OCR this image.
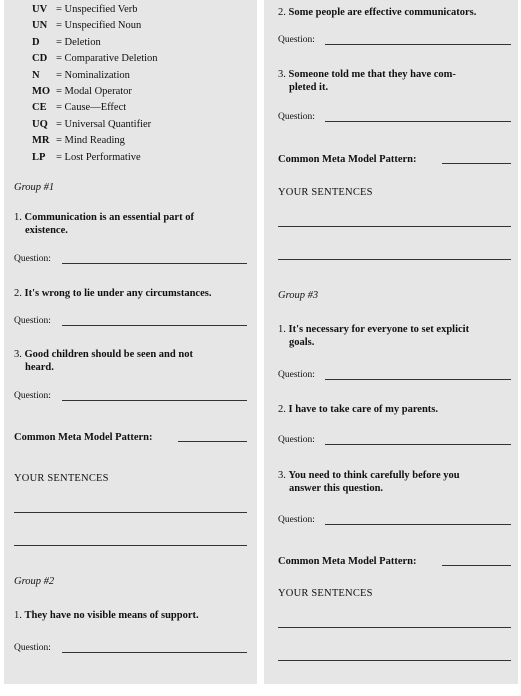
UV = Unspecified Verb
UN = Unspecified Noun
D = Deletion
CD = Comparative Deletion
N = Nominalization
MO = Modal Operator
CE = Cause—Effect
UQ = Universal Quantifier
MR = Mind Reading
LP = Lost Performative
Group #1
1. Communication is an essential part of
existence.
Question:
2. It's wrong to lie under any circumstances.
Question:
3. Good children should be seen and not
heard.
Question:
Common Meta Model Pattern:
YOUR SENTENCES
Group #2
1. They have no visible means of support.
Question:
2. Some people are effective communicators.
Question:
3. Someone told me that they have com-
pleted it.
Question:
Common Meta Model Pattern:
YOUR SENTENCES
Group #3
1. It's necessary for everyone to set explicit
goals.
Question:
2. I have to take care of my parents.
Question:
3. You need to think carefully before you
answer this question.
Question:
Common Meta Model Pattern:
YOUR SENTENCES
